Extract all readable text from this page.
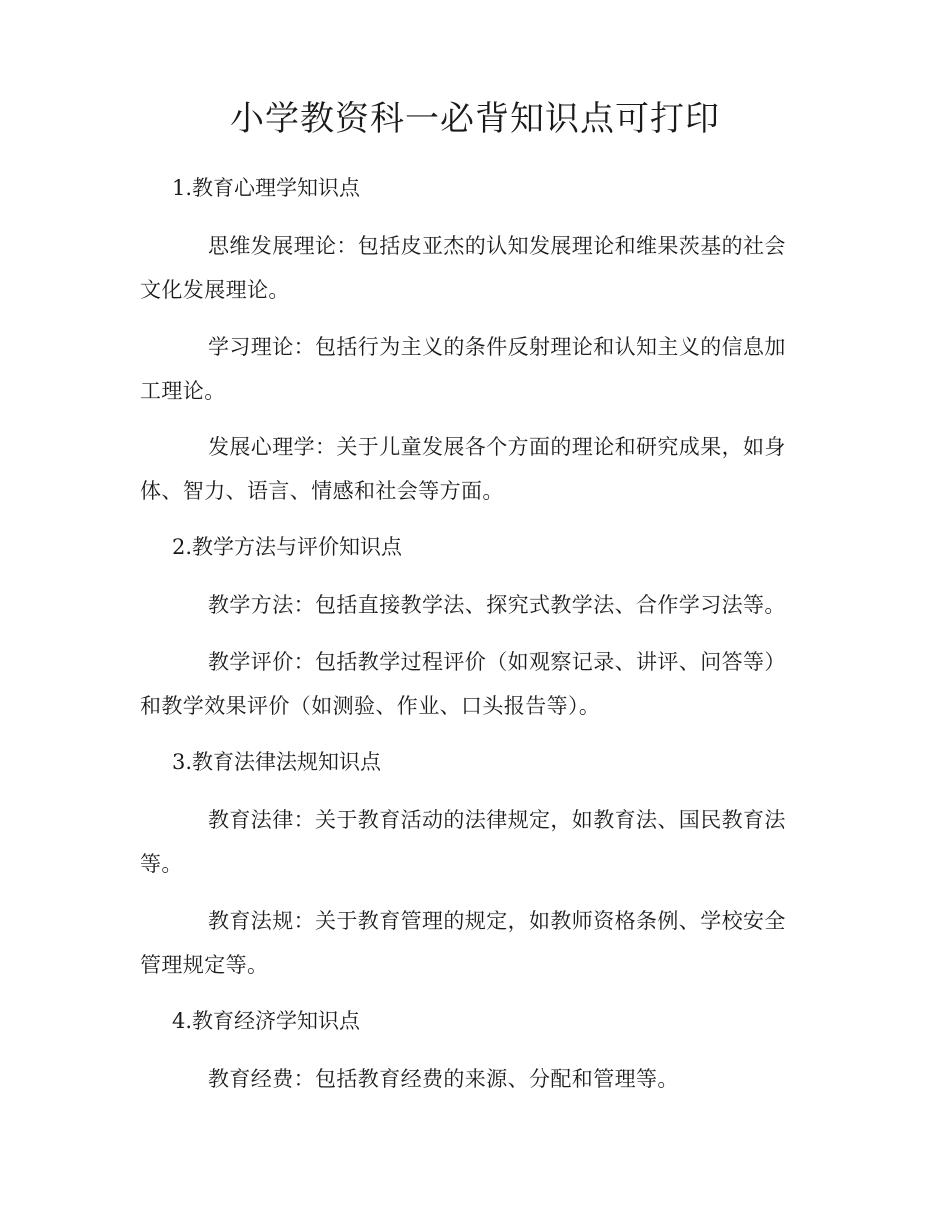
小学教资科一必背知识点可打印
1.教育心理学知识点

思维发展理论：包括皮亚杰的认知发展理论和维果茨基的社会文化发展理论。

学习理论：包括行为主义的条件反射理论和认知主义的信息加工理论。

发展心理学：关于儿童发展各个方面的理论和研究成果，如身体、智力、语言、情感和社会等方面。

2.教学方法与评价知识点

教学方法：包括直接教学法、探究式教学法、合作学习法等。

教学评价：包括教学过程评价（如观察记录、讲评、问答等）和教学效果评价（如测验、作业、口头报告等）。

3.教育法律法规知识点

教育法律：关于教育活动的法律规定，如教育法、国民教育法等。

教育法规：关于教育管理的规定，如教师资格条例、学校安全管理规定等。

4.教育经济学知识点

教育经费：包括教育经费的来源、分配和管理等。
